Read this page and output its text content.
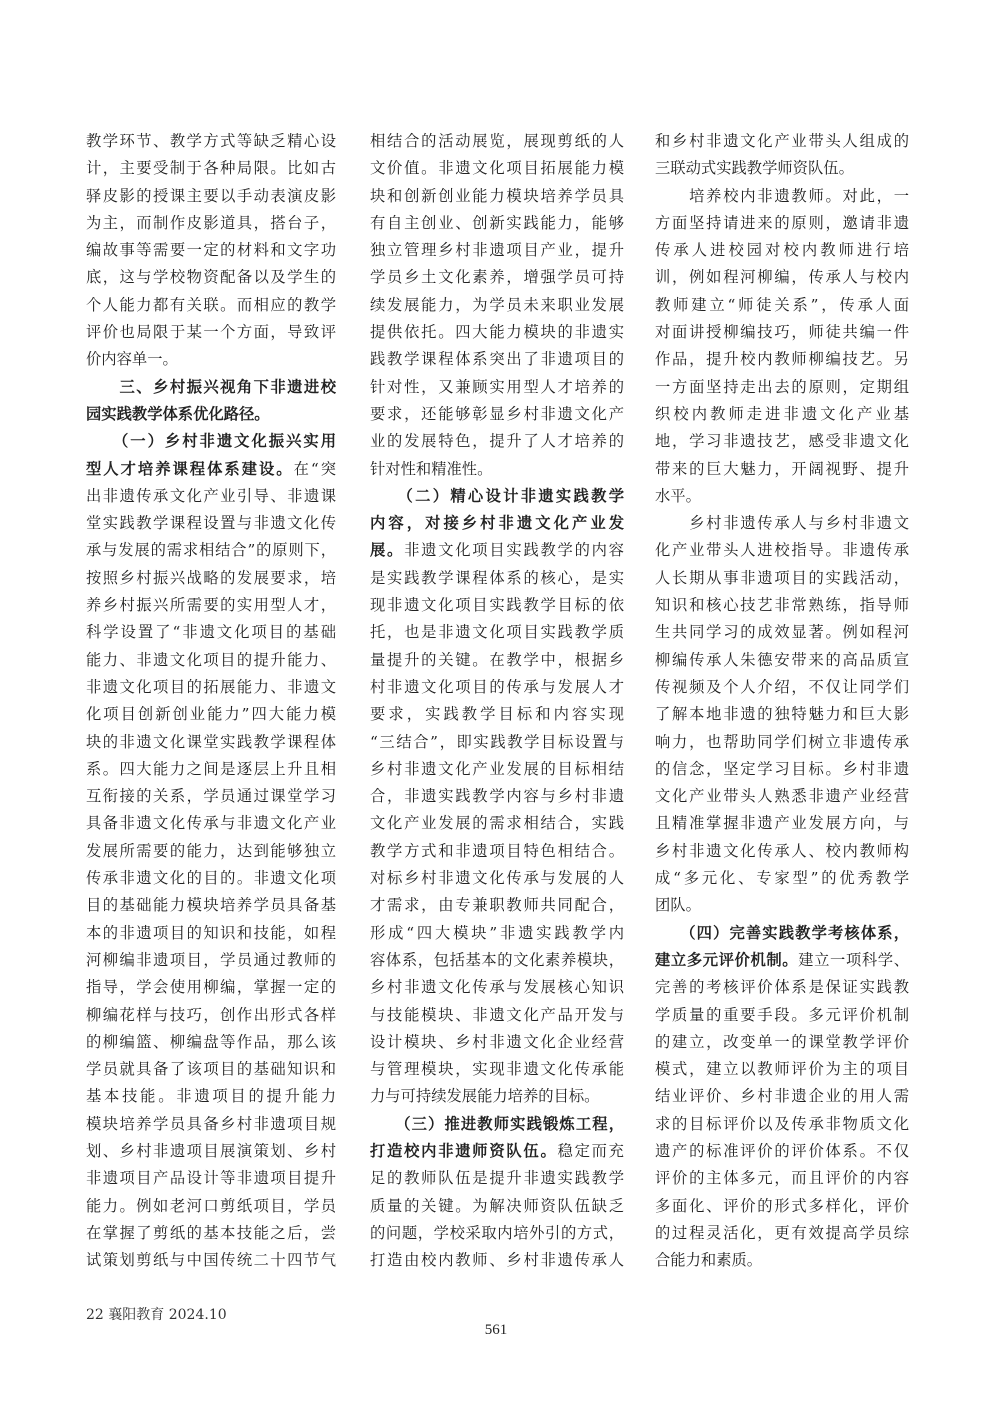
教学环节、教学方式等缺乏精心设
计，主要受制于各种局限。比如古
驿皮影的授课主要以手动表演皮影
为主，而制作皮影道具，搭台子，
编故事等需要一定的材料和文字功
底，这与学校物资配备以及学生的
个人能力都有关联。而相应的教学
评价也局限于某一个方面，导致评
价内容单一。
　　三、乡村振兴视角下非遗进校
园实践教学体系优化路径。
　　（一）乡村非遗文化振兴实用
型人才培养课程体系建设。在“突
出非遗传承文化产业引导、非遗课
堂实践教学课程设置与非遗文化传
承与发展的需求相结合”的原则下，
按照乡村振兴战略的发展要求，培
养乡村振兴所需要的实用型人才，
科学设置了“非遗文化项目的基础
能力、非遗文化项目的提升能力、
非遗文化项目的拓展能力、非遗文
化项目创新创业能力”四大能力模
块的非遗文化课堂实践教学课程体
系。四大能力之间是逐层上升且相
互衔接的关系，学员通过课堂学习
具备非遗文化传承与非遗文化产业
发展所需要的能力，达到能够独立
传承非遗文化的目的。非遗文化项
目的基础能力模块培养学员具备基
本的非遗项目的知识和技能，如程
河柳编非遗项目，学员通过教师的
指导，学会使用柳编，掌握一定的
柳编花样与技巧，创作出形式各样
的柳编篮、柳编盘等作品，那么该
学员就具备了该项目的基础知识和
基本技能。非遗项目的提升能力
模块培养学员具备乡村非遗项目规
划、乡村非遗项目展演策划、乡村
非遗项目产品设计等非遗项目提升
能力。例如老河口剪纸项目，学员
在掌握了剪纸的基本技能之后，尝
试策划剪纸与中国传统二十四节气
相结合的活动展览，展现剪纸的人
文价值。非遗文化项目拓展能力模
块和创新创业能力模块培养学员具
有自主创业、创新实践能力，能够
独立管理乡村非遗项目产业，提升
学员乡土文化素养，增强学员可持
续发展能力，为学员未来职业发展
提供依托。四大能力模块的非遗实
践教学课程体系突出了非遗项目的
针对性，又兼顾实用型人才培养的
要求，还能够彰显乡村非遗文化产
业的发展特色，提升了人才培养的
针对性和精准性。
　　（二）精心设计非遗实践教学
内容，对接乡村非遗文化产业发
展。非遗文化项目实践教学的内容
是实践教学课程体系的核心，是实
现非遗文化项目实践教学目标的依
托，也是非遗文化项目实践教学质
量提升的关键。在教学中，根据乡
村非遗文化项目的传承与发展人才
要求，实践教学目标和内容实现
“三结合”，即实践教学目标设置与
乡村非遗文化产业发展的目标相结
合，非遗实践教学内容与乡村非遗
文化产业发展的需求相结合，实践
教学方式和非遗项目特色相结合。
对标乡村非遗文化传承与发展的人
才需求，由专兼职教师共同配合，
形成“四大模块”非遗实践教学内
容体系，包括基本的文化素养模块，
乡村非遗文化传承与发展核心知识
与技能模块、非遗文化产品开发与
设计模块、乡村非遗文化企业经营
与管理模块，实现非遗文化传承能
力与可持续发展能力培养的目标。
　　（三）推进教师实践锻炼工程，
打造校内非遗师资队伍。稳定而充
足的教师队伍是提升非遗实践教学
质量的关键。为解决师资队伍缺乏
的问题，学校采取内培外引的方式，
打造由校内教师、乡村非遗传承人
和乡村非遗文化产业带头人组成的
三联动式实践教学师资队伍。
　　培养校内非遗教师。对此，一
方面坚持请进来的原则，邀请非遗
传承人进校园对校内教师进行培
训，例如程河柳编，传承人与校内
教师建立“师徒关系”，传承人面
对面讲授柳编技巧，师徒共编一件
作品，提升校内教师柳编技艺。另
一方面坚持走出去的原则，定期组
织校内教师走进非遗文化产业基
地，学习非遗技艺，感受非遗文化
带来的巨大魅力，开阔视野、提升
水平。
　　乡村非遗传承人与乡村非遗文
化产业带头人进校指导。非遗传承
人长期从事非遗项目的实践活动，
知识和核心技艺非常熟练，指导师
生共同学习的成效显著。例如程河
柳编传承人朱德安带来的高品质宣
传视频及个人介绍，不仅让同学们
了解本地非遗的独特魅力和巨大影
响力，也帮助同学们树立非遗传承
的信念，坚定学习目标。乡村非遗
文化产业带头人熟悉非遗产业经营
且精准掌握非遗产业发展方向，与
乡村非遗文化传承人、校内教师构
成“多元化、专家型”的优秀教学
团队。
　　（四）完善实践教学考核体系，
建立多元评价机制。建立一项科学、
完善的考核评价体系是保证实践教
学质量的重要手段。多元评价机制
的建立，改变单一的课堂教学评价
模式，建立以教师评价为主的项目
结业评价、乡村非遗企业的用人需
求的目标评价以及传承非物质文化
遗产的标准评价的评价体系。不仅
评价的主体多元，而且评价的内容
多面化、评价的形式多样化，评价
的过程灵活化，更有效提高学员综
合能力和素质。
22 襄阳教育 2024.10
561
